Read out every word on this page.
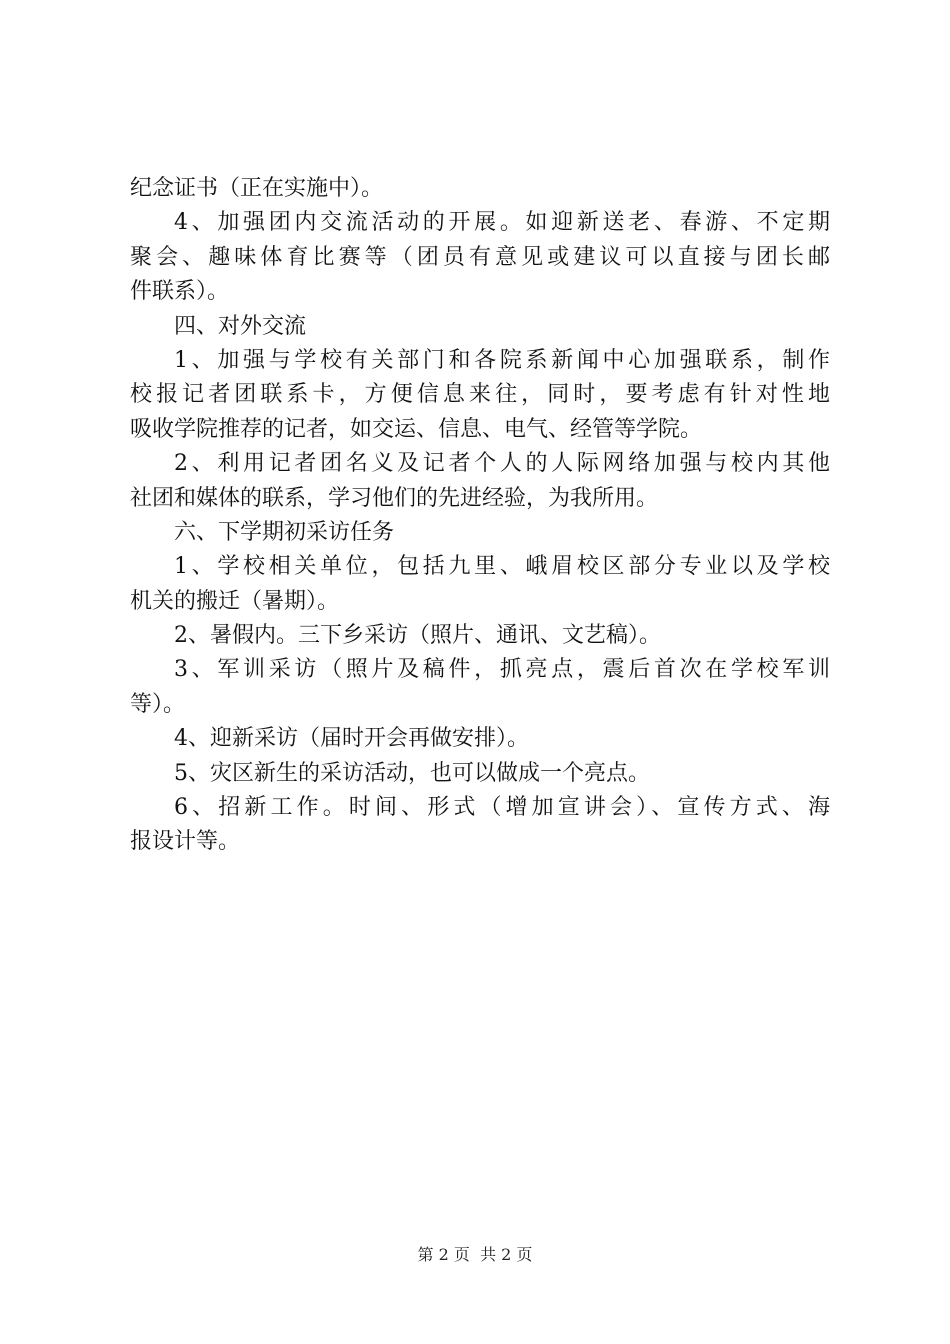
纪念证书（正在实施中）。
4、加强团内交流活动的开展。如迎新送老、春游、不定期
聚会、趣味体育比赛等（团员有意见或建议可以直接与团长邮
件联系）。
四、对外交流
1、加强与学校有关部门和各院系新闻中心加强联系，制作
校报记者团联系卡，方便信息来往，同时，要考虑有针对性地
吸收学院推荐的记者，如交运、信息、电气、经管等学院。
2、利用记者团名义及记者个人的人际网络加强与校内其他
社团和媒体的联系，学习他们的先进经验，为我所用。
六、下学期初采访任务
1、学校相关单位，包括九里、峨眉校区部分专业以及学校
机关的搬迁（暑期）。
2、暑假内。三下乡采访（照片、通讯、文艺稿）。
3、军训采访（照片及稿件，抓亮点，震后首次在学校军训
等）。
4、迎新采访（届时开会再做安排）。
5、灾区新生的采访活动，也可以做成一个亮点。
6、招新工作。时间、形式（增加宣讲会）、宣传方式、海
报设计等。
第 2 页  共 2 页
